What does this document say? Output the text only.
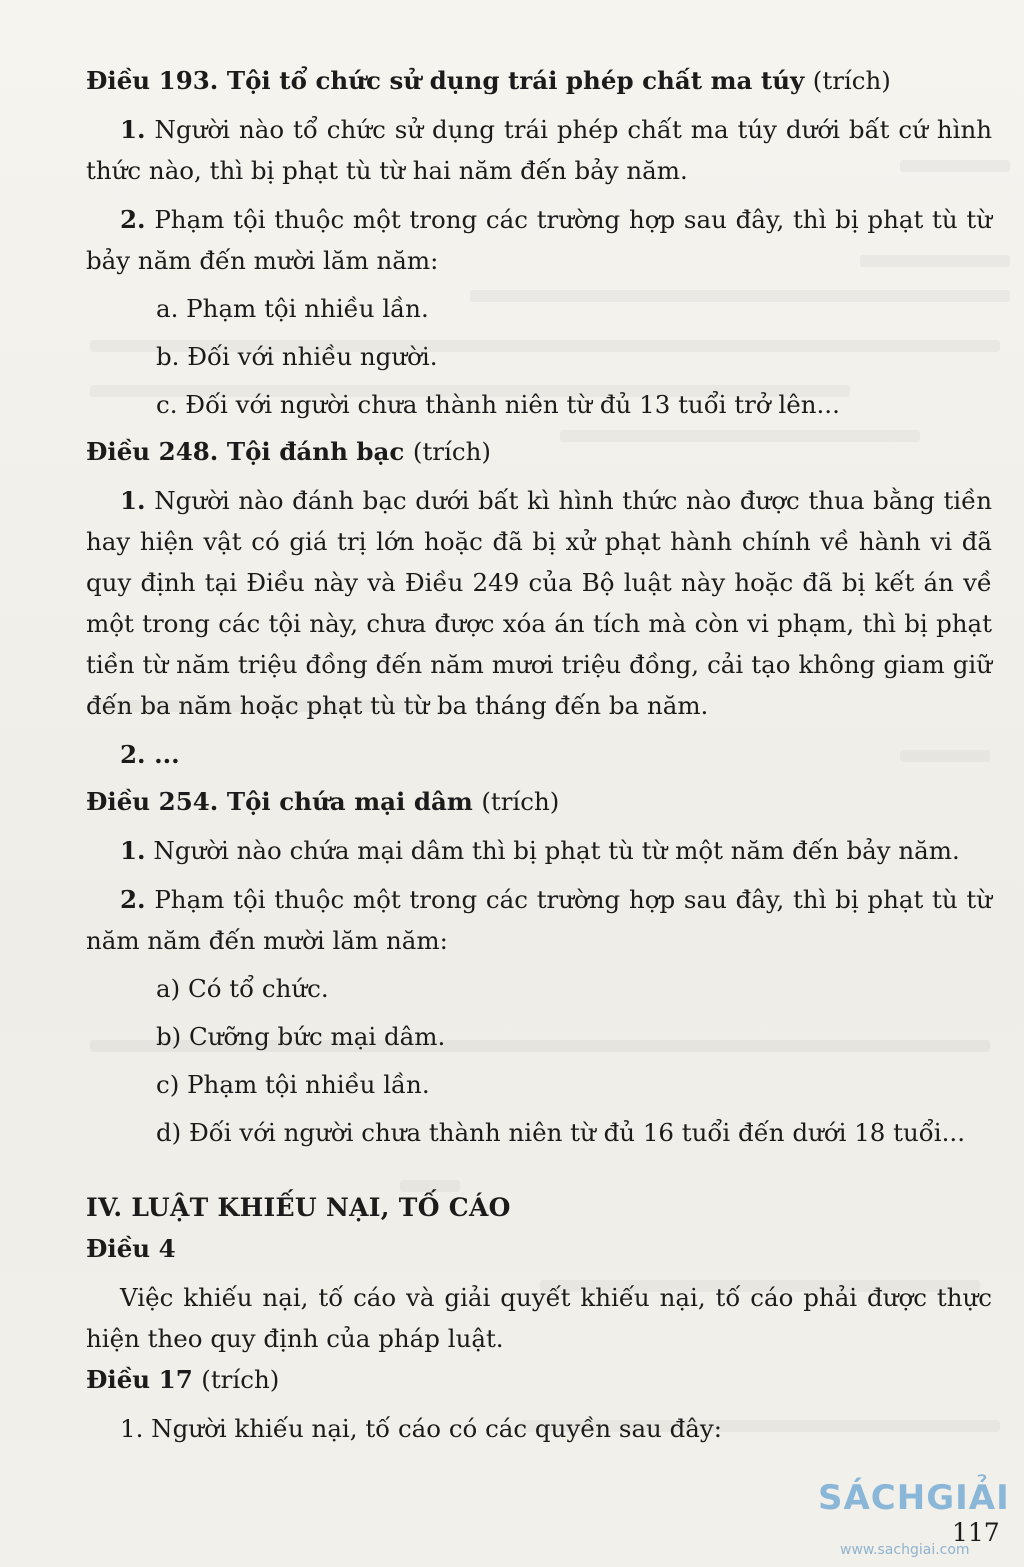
Điều 193. Tội tổ chức sử dụng trái phép chất ma túy (trích)

1. Người nào tổ chức sử dụng trái phép chất ma túy dưới bất cứ hình thức nào, thì bị phạt tù từ hai năm đến bảy năm.

2. Phạm tội thuộc một trong các trường hợp sau đây, thì bị phạt tù từ bảy năm đến mười lăm năm:

a. Phạm tội nhiều lần.

b. Đối với nhiều người.

c. Đối với người chưa thành niên từ đủ 13 tuổi trở lên...

Điều 248. Tội đánh bạc (trích)

1. Người nào đánh bạc dưới bất kì hình thức nào được thua bằng tiền hay hiện vật có giá trị lớn hoặc đã bị xử phạt hành chính về hành vi đã quy định tại Điều này và Điều 249 của Bộ luật này hoặc đã bị kết án về một trong các tội này, chưa được xóa án tích mà còn vi phạm, thì bị phạt tiền từ năm triệu đồng đến năm mươi triệu đồng, cải tạo không giam giữ đến ba năm hoặc phạt tù từ ba tháng đến ba năm.

2. ...

Điều 254. Tội chứa mại dâm (trích)

1. Người nào chứa mại dâm thì bị phạt tù từ một năm đến bảy năm.

2. Phạm tội thuộc một trong các trường hợp sau đây, thì bị phạt tù từ năm năm đến mười lăm năm:

a) Có tổ chức.

b) Cưỡng bức mại dâm.

c) Phạm tội nhiều lần.

d) Đối với người chưa thành niên từ đủ 16 tuổi đến dưới 18 tuổi...

IV. LUẬT KHIẾU NẠI, TỐ CÁO

Điều 4

Việc khiếu nại, tố cáo và giải quyết khiếu nại, tố cáo phải được thực hiện theo quy định của pháp luật.

Điều 17 (trích)

1. Người khiếu nại, tố cáo có các quyền sau đây:

SÁCHGIẢI
117
www.sachgiai.com
